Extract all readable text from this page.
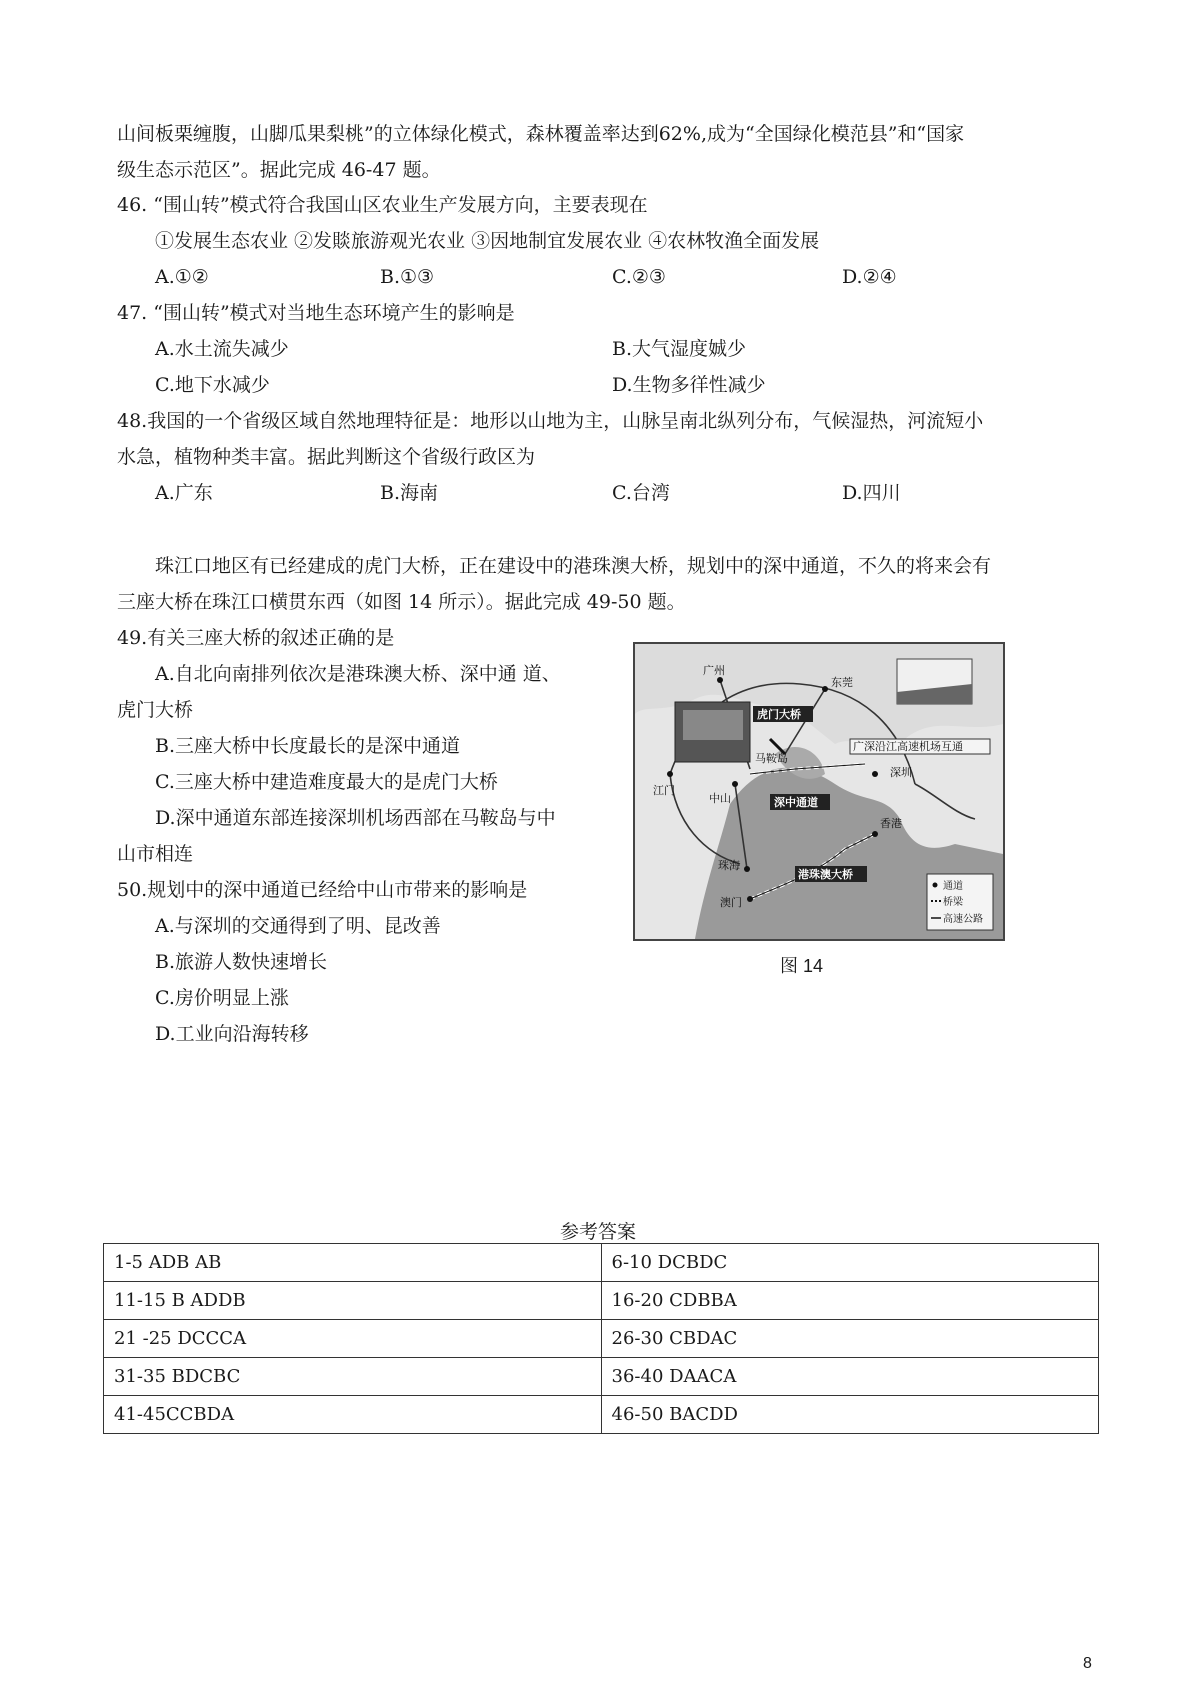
山间板栗缠腹，山脚瓜果梨桃”的立体绿化模式，森林覆盖率达到62%,成为“全国绿化模范县”和“国家
级生态示范区”。据此完成 46-47 题。
46. “围山转”模式符合我国山区农业生产发展方向，主要表现在
①发展生态农业 ②发賧旅游观光农业 ③因地制宜发展农业 ④农林牧渔全面发展
A.①②	B.①③	C.②③	D.②④
47. “围山转”模式对当地生态环境产生的影响是
A.水土流失减少	B.大气湿度娍少
C.地下水减少	D.生物多徉性减少
48.我国的一个省级区域自然地理特征是：地形以山地为主，山脉呈南北纵列分布，气候湿热，河流短小
水急，植物种类丰富。据此判断这个省级行政区为
A.广东	B.海南	C.台湾	D.四川
珠江口地区有已经建成的虎门大桥，正在建设中的港珠澳大桥，规划中的深中通道，不久的将来会有
三座大桥在珠江口横贯东西（如图 14 所示）。据此完成 49-50 题。
49.有关三座大桥的叙述正确的是
A.自北向南排列依次是港珠澳大桥、深中通 道、
虎门大桥
B.三座大桥中长度最长的是深中通道
C.三座大桥中建造难度最大的是虎门大桥
D.深中通道东部连接深圳机场西部在马鞍岛与中
山市相连
50.规划中的深中通道已经给中山市带来的影响是
A.与深圳的交通得到了明、昆改善
B.旅游人数快速增长
C.房价明显上涨
D.工业向沿海转移
广州
东莞
江门
中山
马鞍岛
深圳
香港
珠海
澳门
虎门大桥
深中通道
港珠澳大桥
广深沿江高速机场互通
通道
桥梁
高速公路
图 14
参考答案
1-5 ADB AB	6-10 DCBDC
11-15 B ADDB	16-20 CDBBA
21 -25 DCCCA	26-30 CBDAC
31-35 BDCBC	36-40 DAACA
41-45CCBDA	46-50 BACDD
8
